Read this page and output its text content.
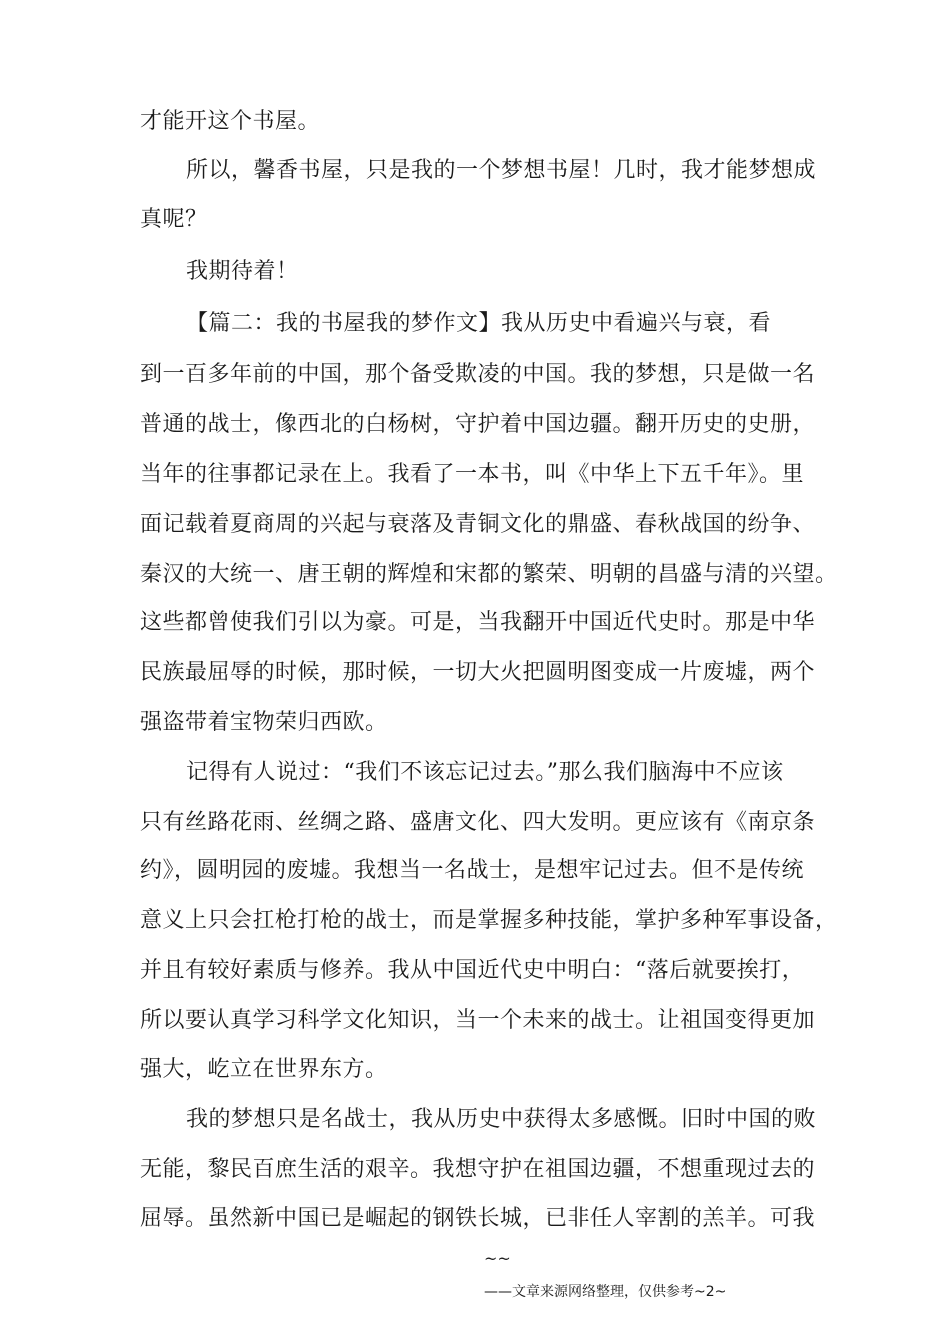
才能开这个书屋。
所以，馨香书屋，只是我的一个梦想书屋！几时，我才能梦想成
真呢？
我期待着！
【篇二：我的书屋我的梦作文】我从历史中看遍兴与衰，看
到一百多年前的中国，那个备受欺凌的中国。我的梦想，只是做一名
普通的战士，像西北的白杨树，守护着中国边疆。翻开历史的史册，
当年的往事都记录在上。我看了一本书，叫《中华上下五千年》。里
面记载着夏商周的兴起与衰落及青铜文化的鼎盛、春秋战国的纷争、
秦汉的大统一、唐王朝的辉煌和宋都的繁荣、明朝的昌盛与清的兴望。
这些都曾使我们引以为豪。可是，当我翻开中国近代史时。那是中华
民族最屈辱的时候，那时候，一切大火把圆明图变成一片废墟，两个
强盗带着宝物荣归西欧。
记得有人说过：“我们不该忘记过去。”那么我们脑海中不应该
只有丝路花雨、丝绸之路、盛唐文化、四大发明。更应该有《南京条
约》，圆明园的废墟。我想当一名战士，是想牢记过去。但不是传统
意义上只会扛枪打枪的战士，而是掌握多种技能，掌护多种军事设备，
并且有较好素质与修养。我从中国近代史中明白：“落后就要挨打，
所以要认真学习科学文化知识，当一个未来的战士。让祖国变得更加
强大，屹立在世界东方。
我的梦想只是名战士，我从历史中获得太多感慨。旧时中国的败
无能，黎民百庶生活的艰辛。我想守护在祖国边疆，不想重现过去的
屈辱。虽然新中国已是崛起的钢铁长城，已非任人宰割的羔羊。可我
~~
——文章来源网络整理，仅供参考~2~
